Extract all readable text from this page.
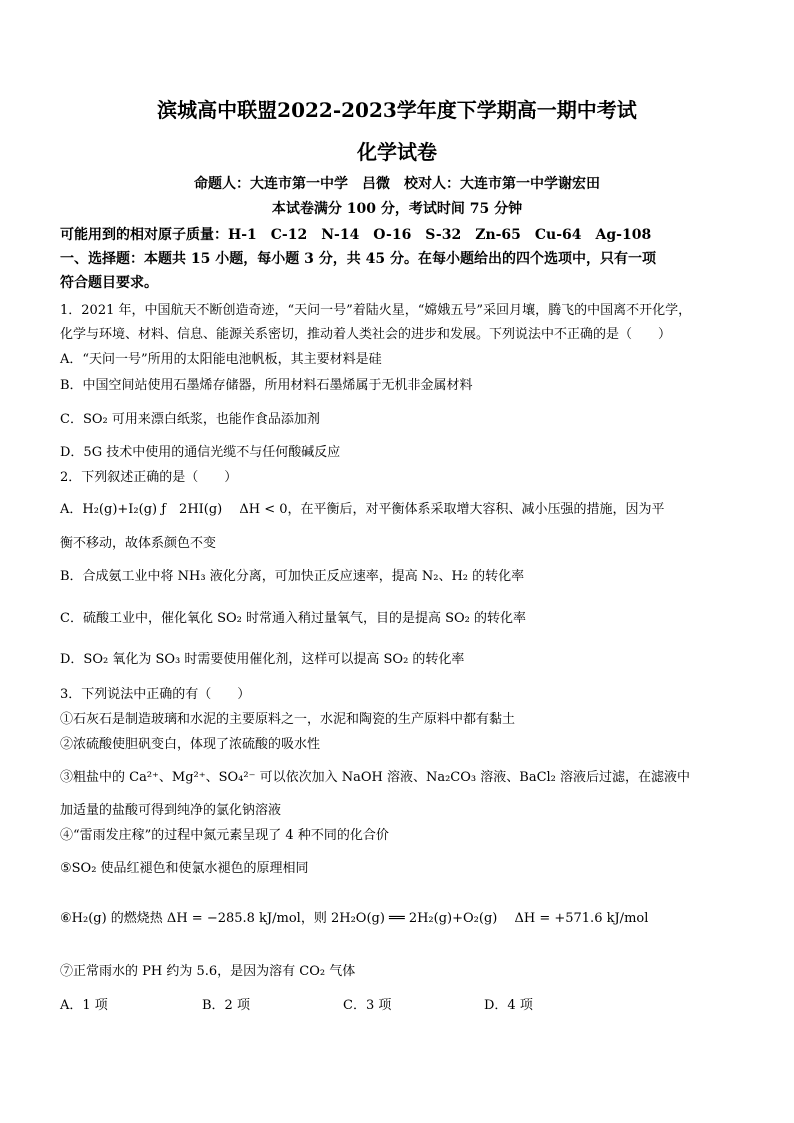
滨城高中联盟2022-2023学年度下学期高一期中考试
化学试卷
命题人：大连市第一中学　吕微　校对人：大连市第一中学谢宏田
本试卷满分 100 分，考试时间 75 分钟
可能用到的相对原子质量：H-1　C-12　N-14　O-16　S-32　Zn-65　Cu-64　Ag-108
一、选择题：本题共 15 小题，每小题 3 分，共 45 分。在每小题给出的四个选项中，只有一项
符合题目要求。
1．2021 年，中国航天不断创造奇迹，“天问一号”着陆火星，“嫦娥五号”采回月壤，腾飞的中国离不开化学，
化学与环境、材料、信息、能源关系密切，推动着人类社会的进步和发展。下列说法中不正确的是（　　）
A．“天问一号”所用的太阳能电池帆板，其主要材料是硅
B．中国空间站使用石墨烯存储器，所用材料石墨烯属于无机非金属材料
C．SO₂ 可用来漂白纸浆，也能作食品添加剂
D．5G 技术中使用的通信光缆不与任何酸碱反应
2．下列叙述正确的是（　　）
A．H₂(g)+I₂(g) ƒ　2HI(g)　 ΔH < 0，在平衡后，对平衡体系采取增大容积、减小压强的措施，因为平
衡不移动，故体系颜色不变
B．合成氨工业中将 NH₃ 液化分离，可加快正反应速率，提高 N₂、H₂ 的转化率
C．硫酸工业中，催化氧化 SO₂ 时常通入稍过量氧气，目的是提高 SO₂ 的转化率
D．SO₂ 氧化为 SO₃ 时需要使用催化剂，这样可以提高 SO₂ 的转化率
3．下列说法中正确的有（　　）
①石灰石是制造玻璃和水泥的主要原料之一，水泥和陶瓷的生产原料中都有黏土
②浓硫酸使胆矾变白，体现了浓硫酸的吸水性
③粗盐中的 Ca²⁺、Mg²⁺、SO₄²⁻ 可以依次加入 NaOH 溶液、Na₂CO₃ 溶液、BaCl₂ 溶液后过滤，在滤液中
加适量的盐酸可得到纯净的氯化钠溶液
④“雷雨发庄稼”的过程中氮元素呈现了 4 种不同的化合价
⑤SO₂ 使品红褪色和使氯水褪色的原理相同
⑥H₂(g) 的燃烧热 ΔH = −285.8 kJ/mol，则 2H₂O(g) ══ 2H₂(g)+O₂(g)　 ΔH = +571.6 kJ/mol
⑦正常雨水的 PH 约为 5.6，是因为溶有 CO₂ 气体
A．1 项	B．2 项	C．3 项	D．4 项
